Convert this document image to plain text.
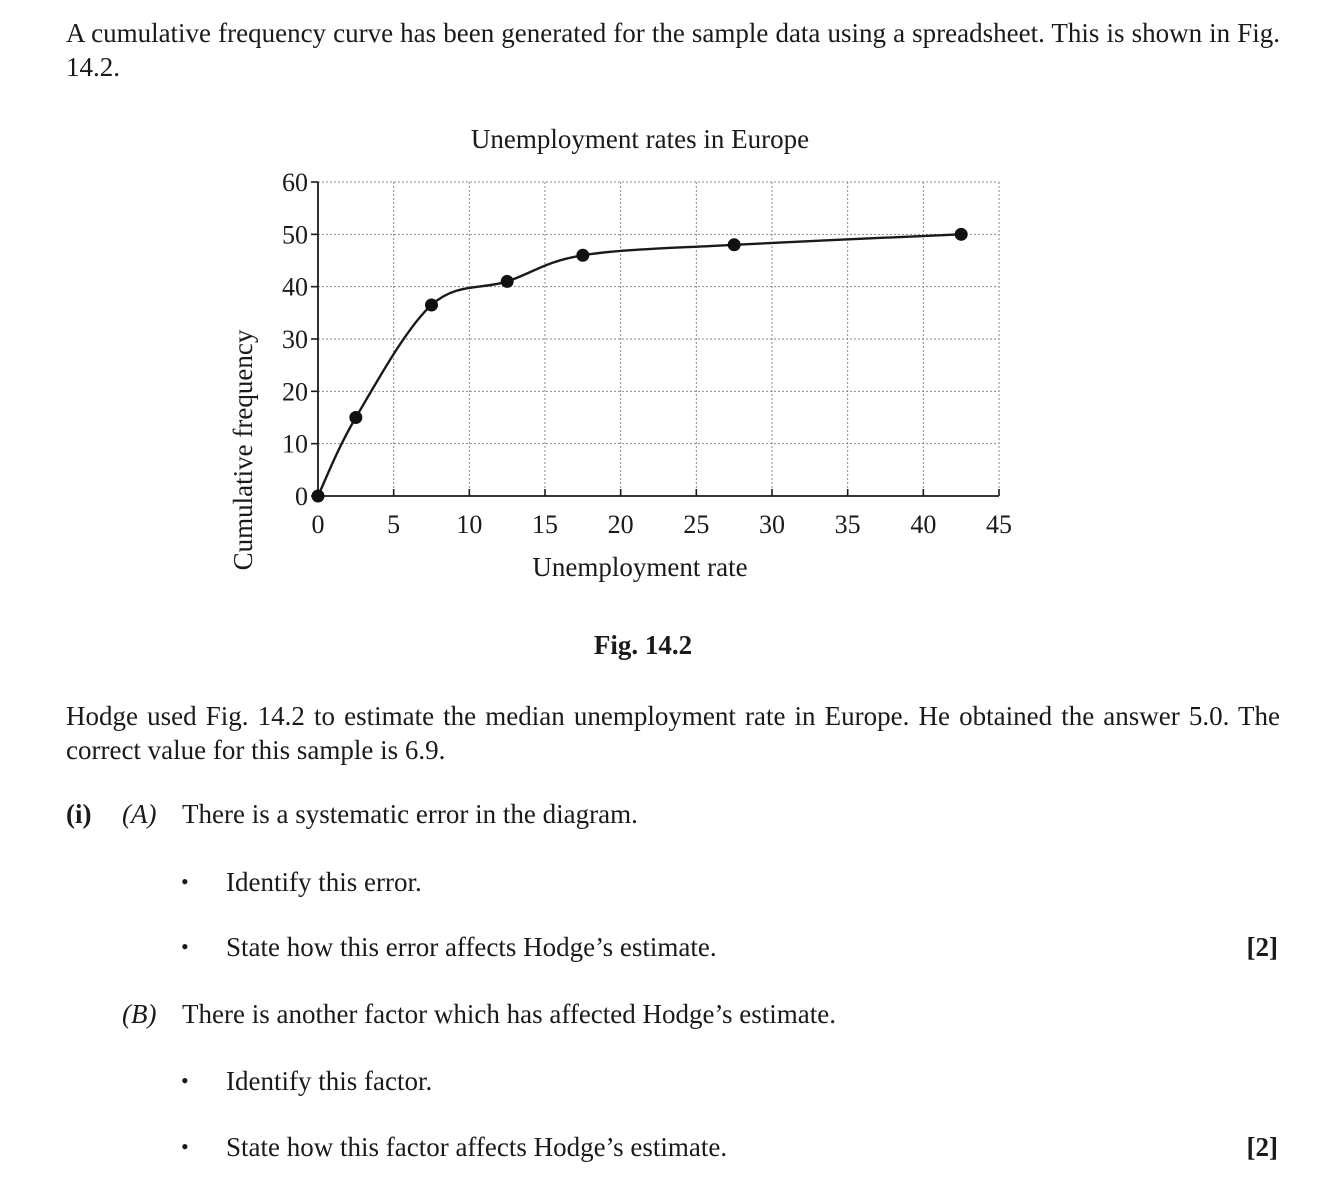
A cumulative frequency curve has been generated for the sample data using a spreadsheet. This is shown in Fig. 14.2.

Unemployment rates in Europe
0 5 10 15 20 25 30 35 40 45
0
10
20
30
40
50
60
Unemployment rate
Cumulative frequency

Fig. 14.2

Hodge used Fig. 14.2 to estimate the median unemployment rate in Europe. He obtained the answer 5.0. The correct value for this sample is 6.9.

(i) (A) There is a systematic error in the diagram.
• Identify this error.
• State how this error affects Hodge’s estimate.	[2]
(B) There is another factor which has affected Hodge’s estimate.
• Identify this factor.
• State how this factor affects Hodge’s estimate.	[2]
